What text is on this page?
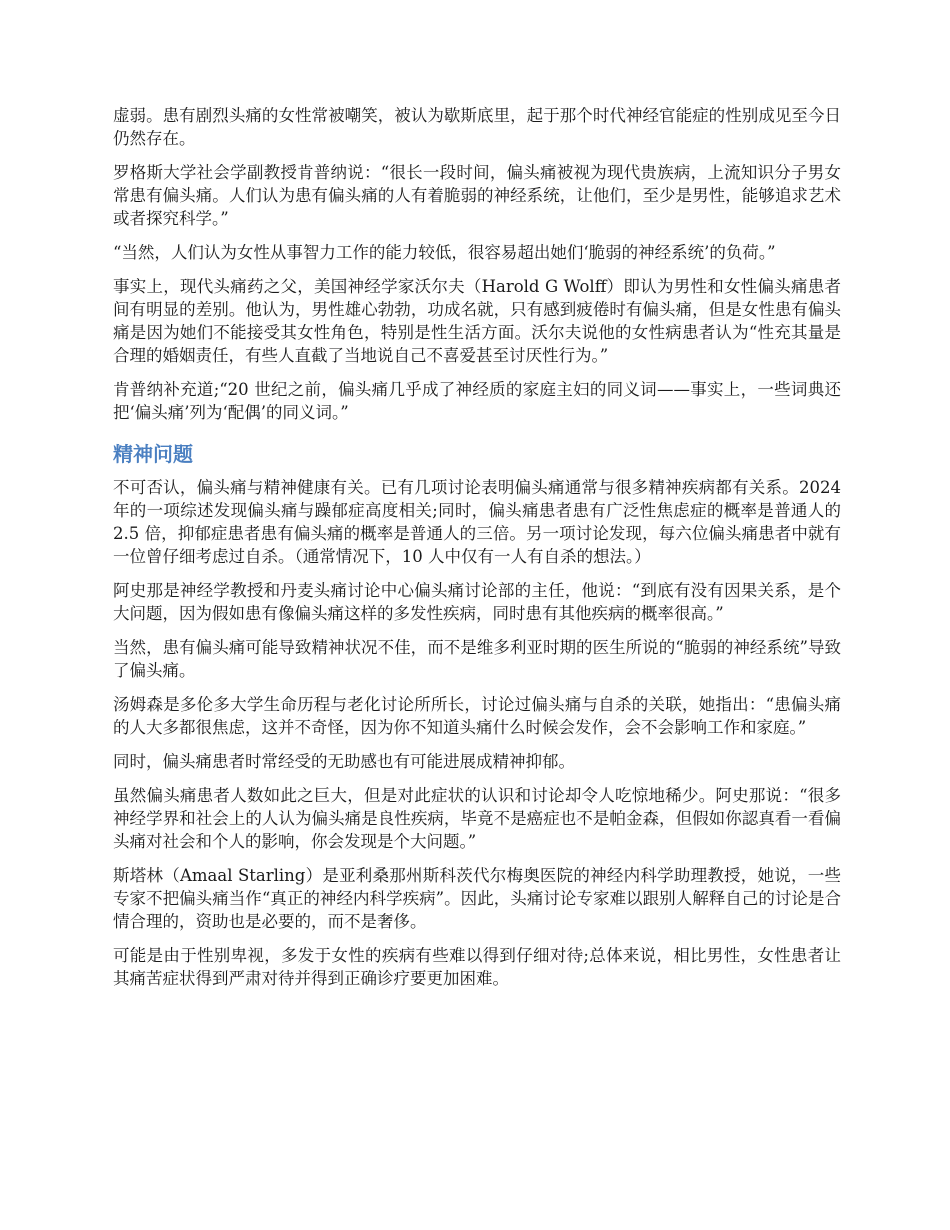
虚弱。患有剧烈头痛的女性常被嘲笑，被认为歇斯底里，起于那个时代神经官能症的性别成见至今日仍然存在。

罗格斯大学社会学副教授肯普纳说：“很长一段时间，偏头痛被视为现代贵族病，上流知识分子男女常患有偏头痛。人们认为患有偏头痛的人有着脆弱的神经系统，让他们，至少是男性，能够追求艺术或者探究科学。”

“当然，人们认为女性从事智力工作的能力较低，很容易超出她们‘脆弱的神经系统’的负荷。”

事实上，现代头痛药之父，美国神经学家沃尔夫（Harold G Wolff）即认为男性和女性偏头痛患者间有明显的差别。他认为，男性雄心勃勃，功成名就，只有感到疲倦时有偏头痛，但是女性患有偏头痛是因为她们不能接受其女性角色，特别是性生活方面。沃尔夫说他的女性病患者认为“性充其量是合理的婚姻责任，有些人直截了当地说自己不喜爱甚至讨厌性行为。”

肯普纳补充道;“20 世纪之前，偏头痛几乎成了神经质的家庭主妇的同义词——事实上，一些词典还把‘偏头痛’列为‘配偶’的同义词。”

精神问题

不可否认，偏头痛与精神健康有关。已有几项讨论表明偏头痛通常与很多精神疾病都有关系。2024 年的一项综述发现偏头痛与躁郁症高度相关;同时，偏头痛患者患有广泛性焦虑症的概率是普通人的 2.5 倍，抑郁症患者患有偏头痛的概率是普通人的三倍。另一项讨论发现，每六位偏头痛患者中就有一位曾仔细考虑过自杀。（通常情况下，10 人中仅有一人有自杀的想法。）

阿史那是神经学教授和丹麦头痛讨论中心偏头痛讨论部的主任，他说：“到底有没有因果关系，是个大问题，因为假如患有像偏头痛这样的多发性疾病，同时患有其他疾病的概率很高。”

当然，患有偏头痛可能导致精神状况不佳，而不是维多利亚时期的医生所说的“脆弱的神经系统”导致了偏头痛。

汤姆森是多伦多大学生命历程与老化讨论所所长，讨论过偏头痛与自杀的关联，她指出：“患偏头痛的人大多都很焦虑，这并不奇怪，因为你不知道头痛什么时候会发作，会不会影响工作和家庭。”

同时，偏头痛患者时常经受的无助感也有可能进展成精神抑郁。

虽然偏头痛患者人数如此之巨大，但是对此症状的认识和讨论却令人吃惊地稀少。阿史那说：“很多神经学界和社会上的人认为偏头痛是良性疾病，毕竟不是癌症也不是帕金森，但假如你認真看一看偏头痛对社会和个人的影响，你会发现是个大问题。”

斯塔林（Amaal Starling）是亚利桑那州斯科茨代尔梅奥医院的神经内科学助理教授，她说，一些专家不把偏头痛当作“真正的神经内科学疾病”。因此，头痛讨论专家难以跟别人解释自己的讨论是合情合理的，资助也是必要的，而不是奢侈。

可能是由于性别卑视，多发于女性的疾病有些难以得到仔细对待;总体来说，相比男性，女性患者让其痛苦症状得到严肃对待并得到正确诊疗要更加困难。
